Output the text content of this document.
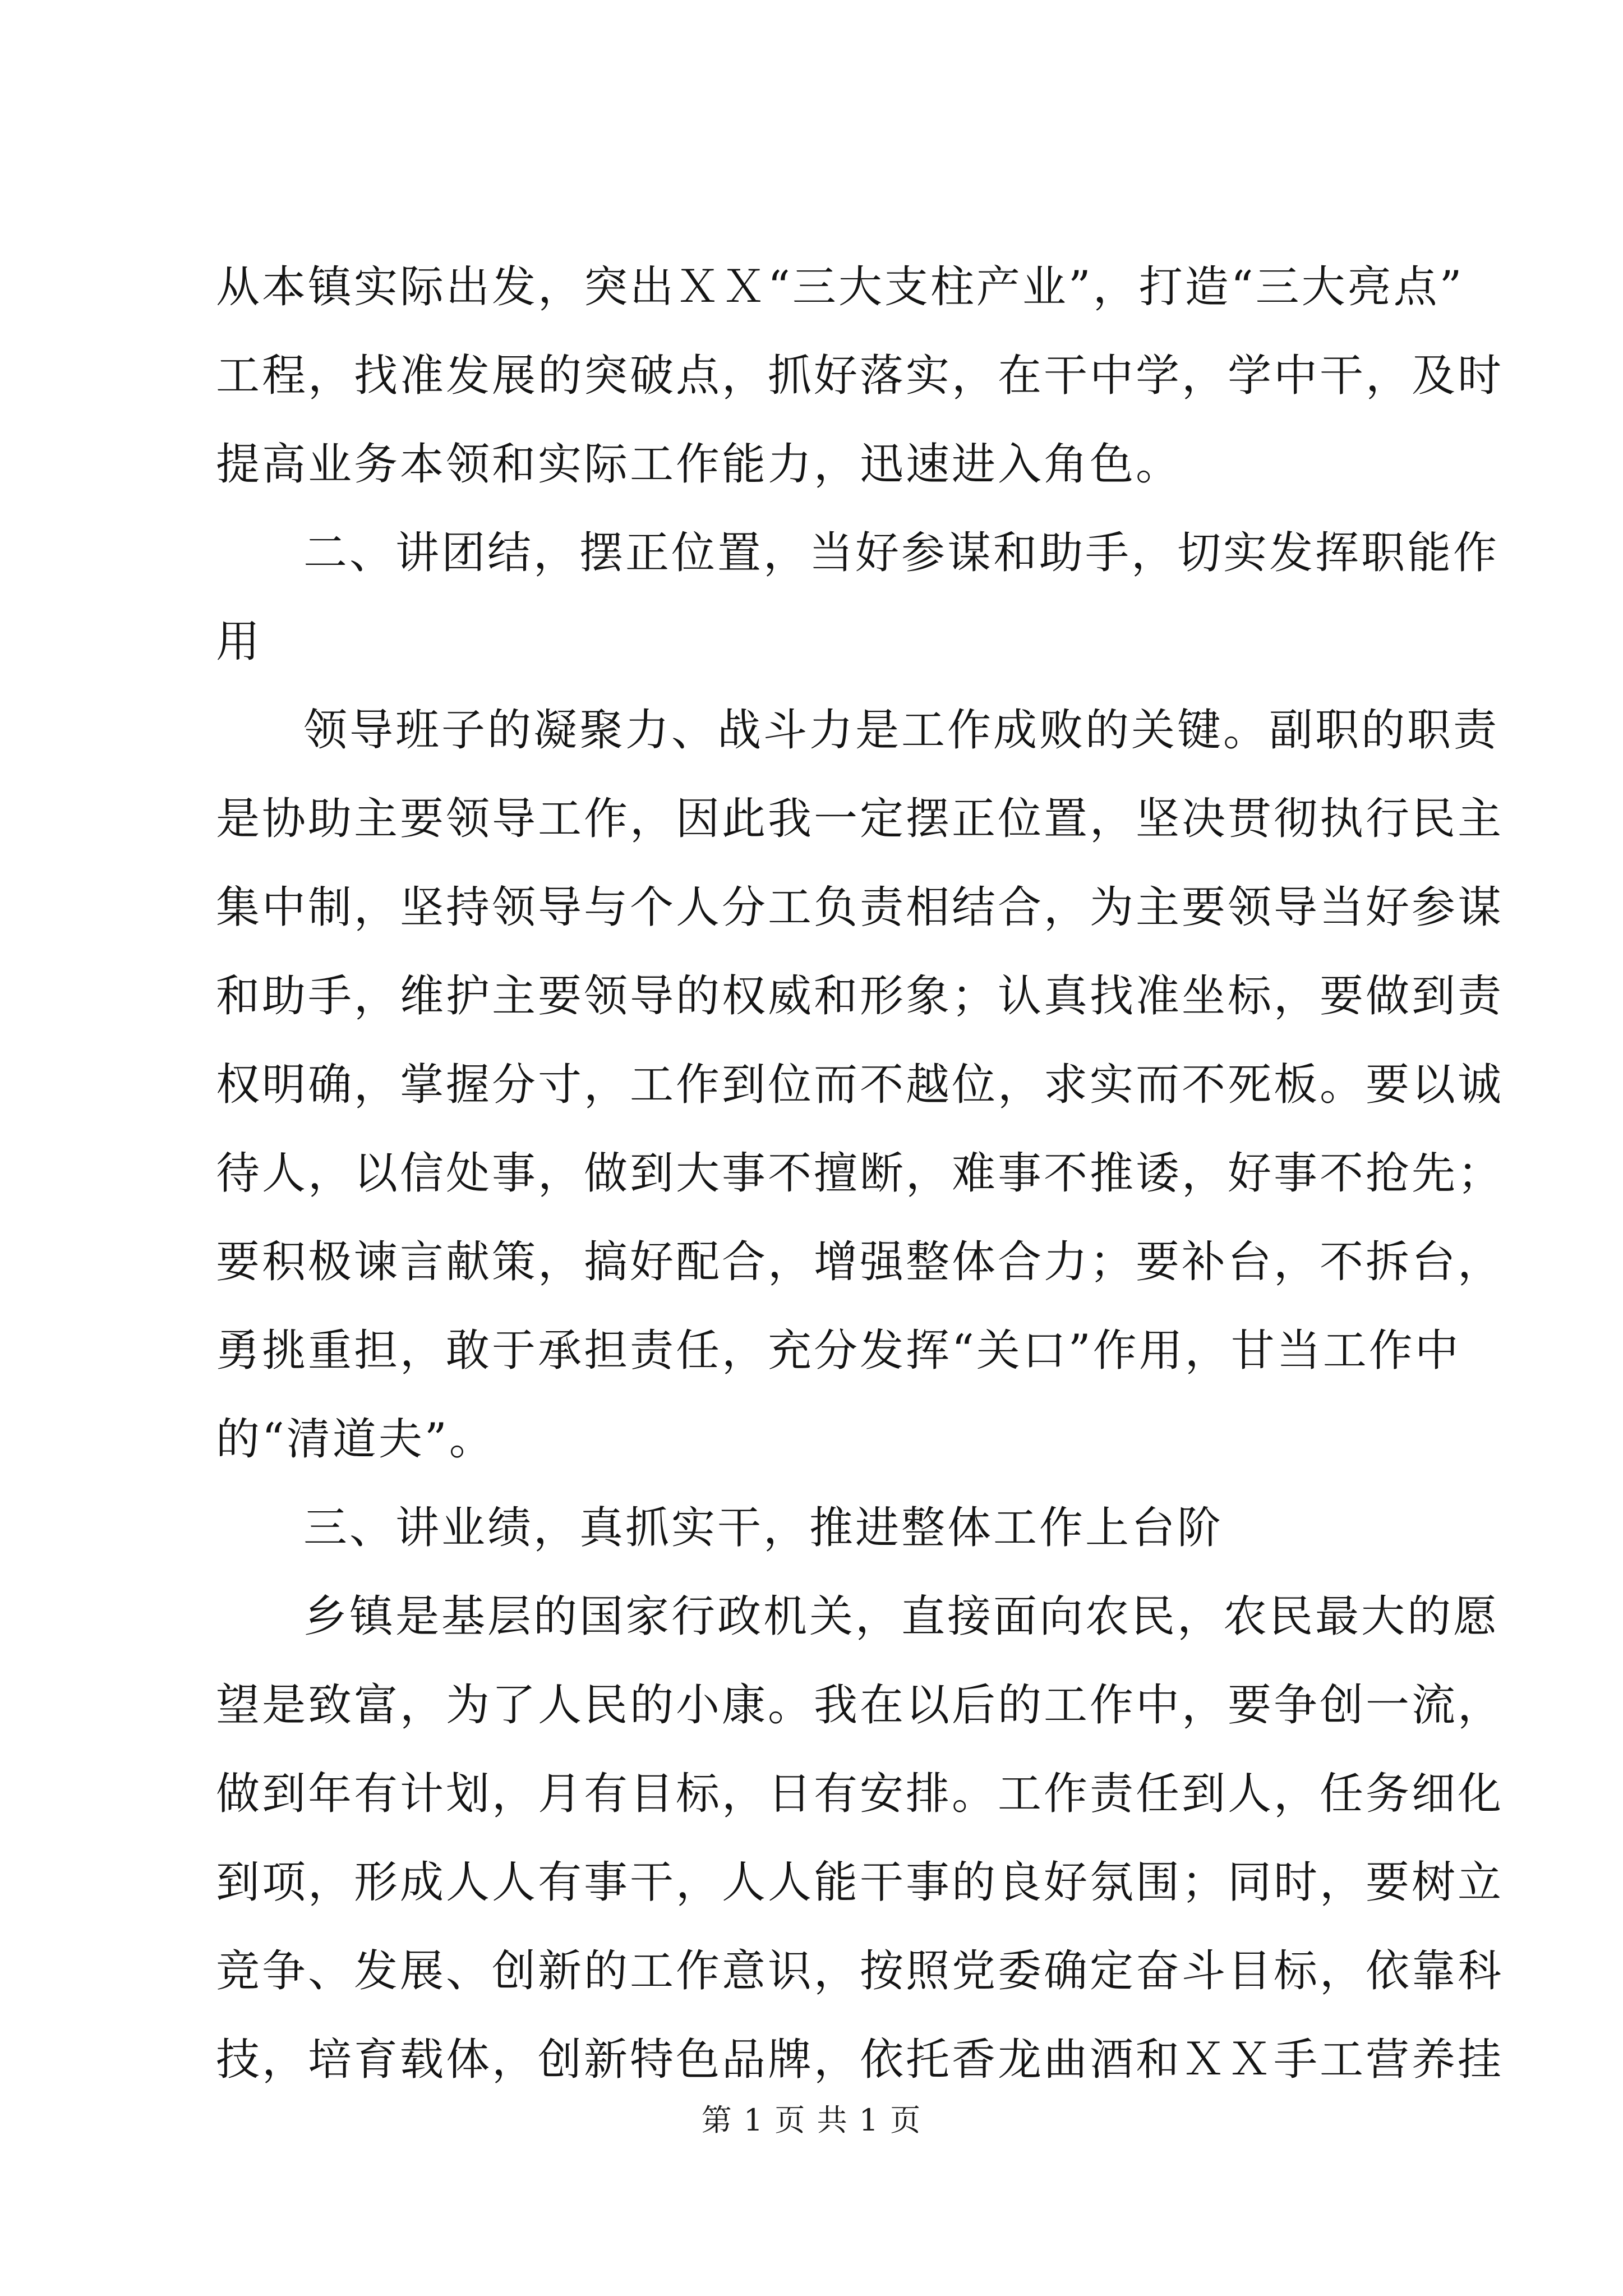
从本镇实际出发，突出ＸＸ“三大支柱产业”，打造“三大亮点”
工程，找准发展的突破点，抓好落实，在干中学，学中干，及时
提高业务本领和实际工作能力，迅速进入角色。
二、讲团结，摆正位置，当好参谋和助手，切实发挥职能作
用
领导班子的凝聚力、战斗力是工作成败的关键。副职的职责
是协助主要领导工作，因此我一定摆正位置，坚决贯彻执行民主
集中制，坚持领导与个人分工负责相结合，为主要领导当好参谋
和助手，维护主要领导的权威和形象；认真找准坐标，要做到责
权明确，掌握分寸，工作到位而不越位，求实而不死板。要以诚
待人，以信处事，做到大事不擅断，难事不推诿，好事不抢先；
要积极谏言献策，搞好配合，增强整体合力；要补台，不拆台，
勇挑重担，敢于承担责任，充分发挥“关口”作用，甘当工作中
的“清道夫”。
三、讲业绩，真抓实干，推进整体工作上台阶
乡镇是基层的国家行政机关，直接面向农民，农民最大的愿
望是致富，为了人民的小康。我在以后的工作中，要争创一流，
做到年有计划，月有目标，日有安排。工作责任到人，任务细化
到项，形成人人有事干，人人能干事的良好氛围；同时，要树立
竞争、发展、创新的工作意识，按照党委确定奋斗目标，依靠科
技，培育载体，创新特色品牌，依托香龙曲酒和ＸＸ手工营养挂
第 1 页 共 1 页
